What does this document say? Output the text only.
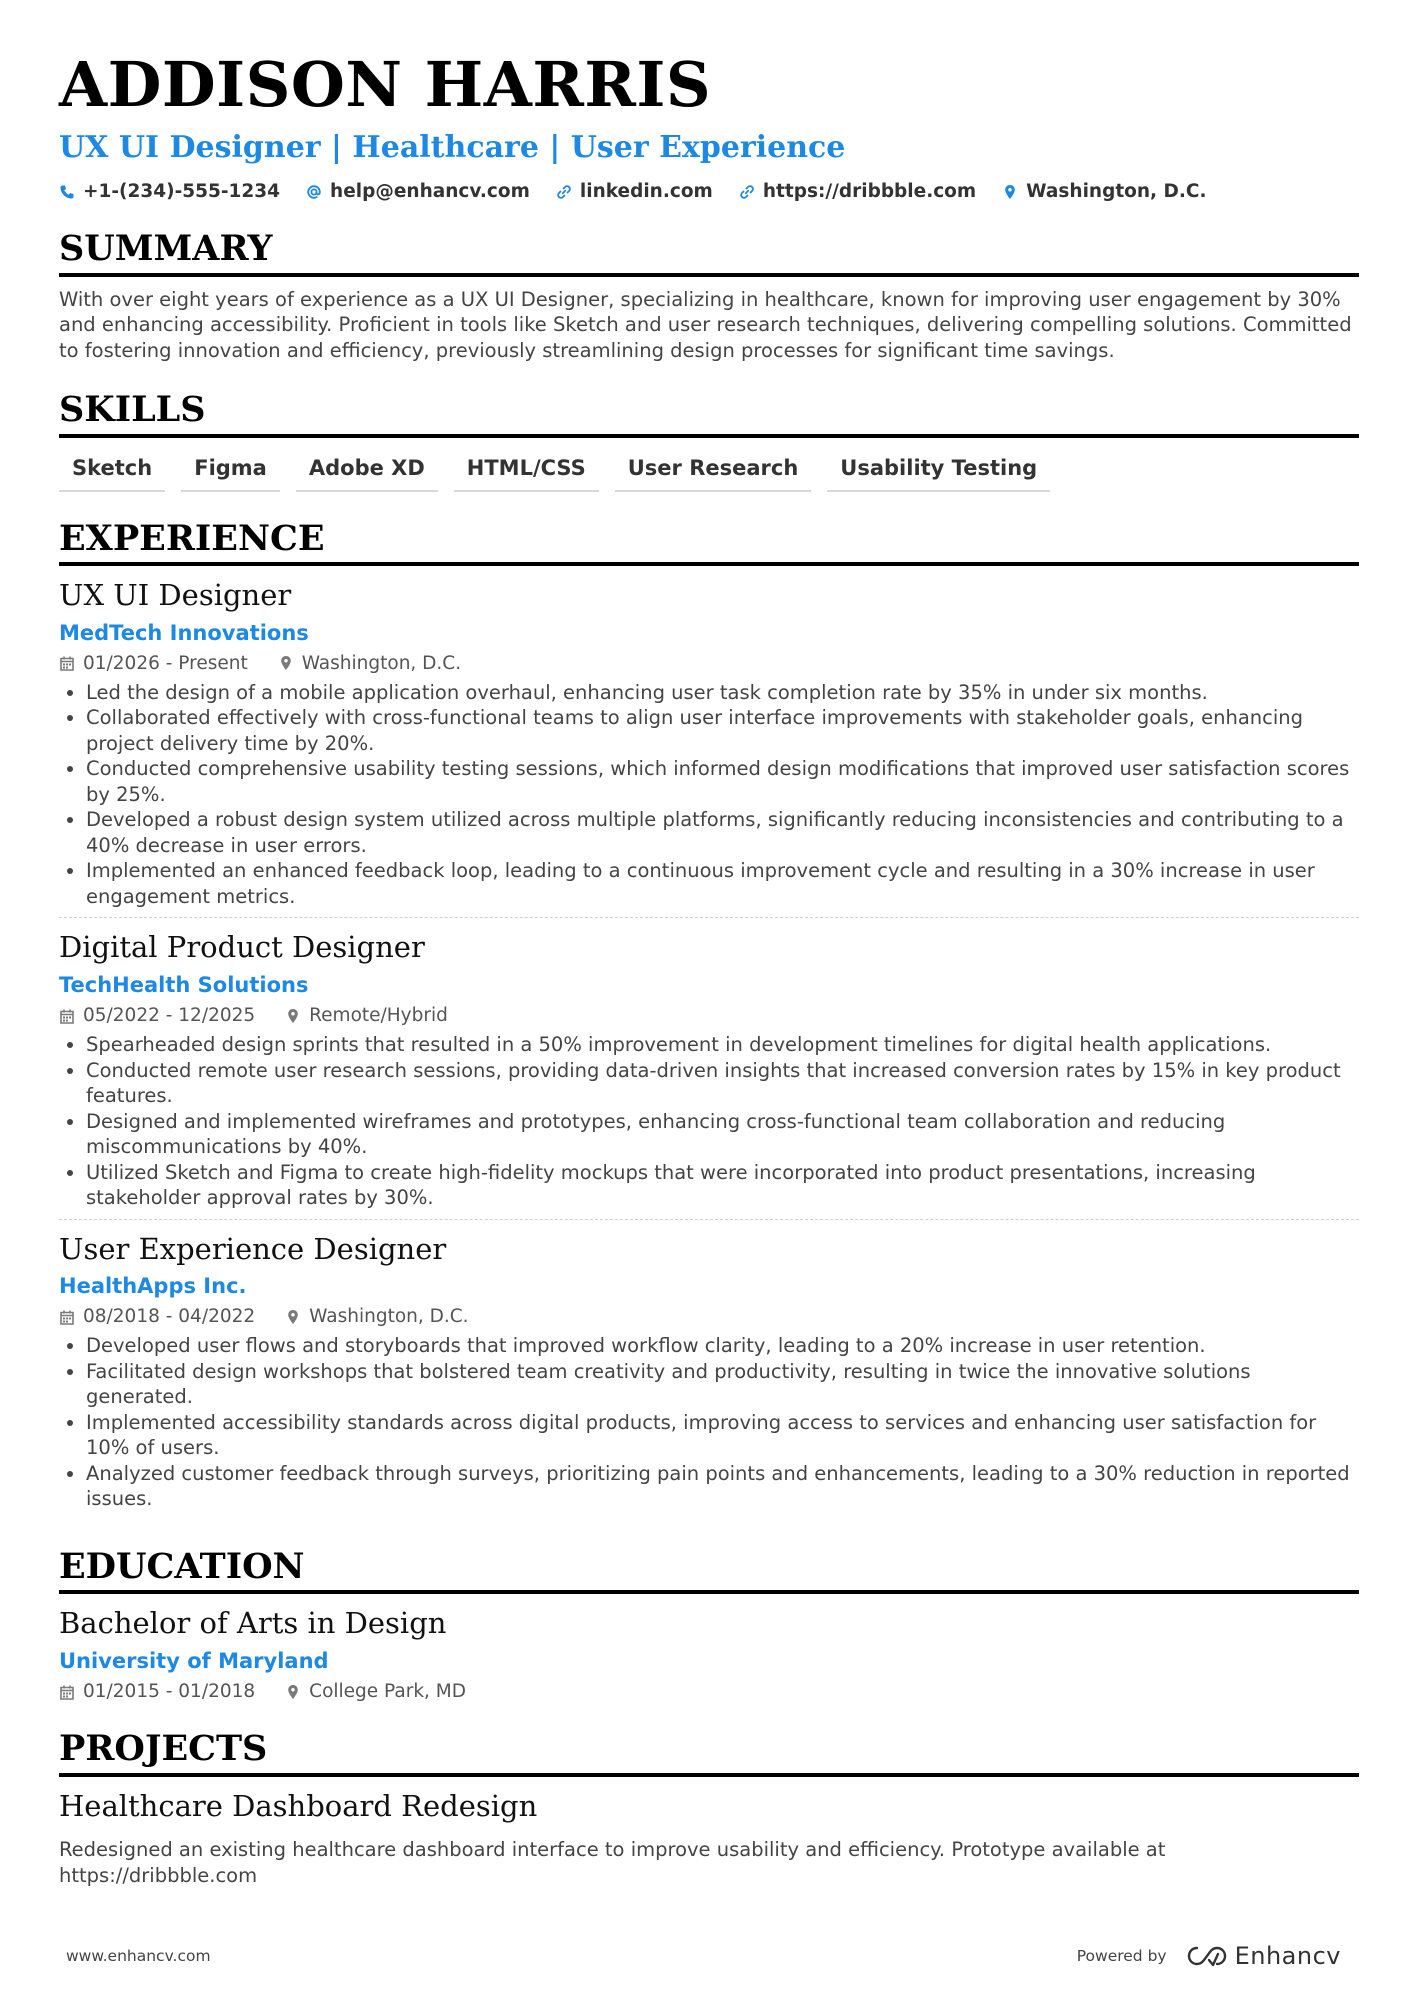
ADDISON HARRIS
UX UI Designer | Healthcare | User Experience
+1-(234)-555-1234	help@enhancv.com	linkedin.com	https://dribbble.com	Washington, D.C.
SUMMARY
With over eight years of experience as a UX UI Designer, specializing in healthcare, known for improving user engagement by 30% and enhancing accessibility. Proficient in tools like Sketch and user research techniques, delivering compelling solutions. Committed to fostering innovation and efficiency, previously streamlining design processes for significant time savings.
SKILLS
Sketch	Figma	Adobe XD	HTML/CSS	User Research	Usability Testing
EXPERIENCE
UX UI Designer
MedTech Innovations
01/2026 - Present	Washington, D.C.
• Led the design of a mobile application overhaul, enhancing user task completion rate by 35% in under six months.
• Collaborated effectively with cross-functional teams to align user interface improvements with stakeholder goals, enhancing project delivery time by 20%.
• Conducted comprehensive usability testing sessions, which informed design modifications that improved user satisfaction scores by 25%.
• Developed a robust design system utilized across multiple platforms, significantly reducing inconsistencies and contributing to a 40% decrease in user errors.
• Implemented an enhanced feedback loop, leading to a continuous improvement cycle and resulting in a 30% increase in user engagement metrics.
Digital Product Designer
TechHealth Solutions
05/2022 - 12/2025	Remote/Hybrid
• Spearheaded design sprints that resulted in a 50% improvement in development timelines for digital health applications.
• Conducted remote user research sessions, providing data-driven insights that increased conversion rates by 15% in key product features.
• Designed and implemented wireframes and prototypes, enhancing cross-functional team collaboration and reducing miscommunications by 40%.
• Utilized Sketch and Figma to create high-fidelity mockups that were incorporated into product presentations, increasing stakeholder approval rates by 30%.
User Experience Designer
HealthApps Inc.
08/2018 - 04/2022	Washington, D.C.
• Developed user flows and storyboards that improved workflow clarity, leading to a 20% increase in user retention.
• Facilitated design workshops that bolstered team creativity and productivity, resulting in twice the innovative solutions generated.
• Implemented accessibility standards across digital products, improving access to services and enhancing user satisfaction for 10% of users.
• Analyzed customer feedback through surveys, prioritizing pain points and enhancements, leading to a 30% reduction in reported issues.
EDUCATION
Bachelor of Arts in Design
University of Maryland
01/2015 - 01/2018	College Park, MD
PROJECTS
Healthcare Dashboard Redesign
Redesigned an existing healthcare dashboard interface to improve usability and efficiency. Prototype available at https://dribbble.com
www.enhancv.com	Powered by	Enhancv
